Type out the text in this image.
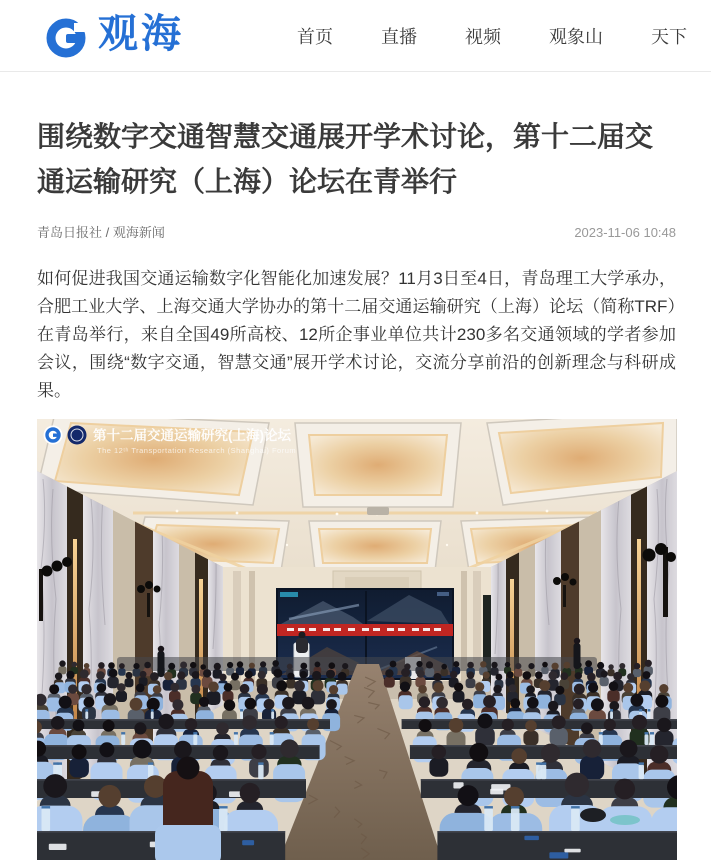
观海	首页	直播	视频	观象山	天下
围绕数字交通智慧交通展开学术讨论，第十二届交通运输研究（上海）论坛在青举行
青岛日报社 / 观海新闻	2023-11-06 10:48

如何促进我国交通运输数字化智能化加速发展？11月3日至4日，青岛理工大学承办，合肥工业大学、上海交通大学协办的第十二届交通运输研究（上海）论坛（简称TRF）在青岛举行，来自全国49所高校、12所企事业单位共计230多名交通领域的学者参加会议，围绕“数字交通，智慧交通”展开学术讨论，交流分享前沿的创新理念与科研成果。

第十二届交通运输研究(上海)论坛
The 12ᵗʰ Transportation Research (Shanghai) Forum
